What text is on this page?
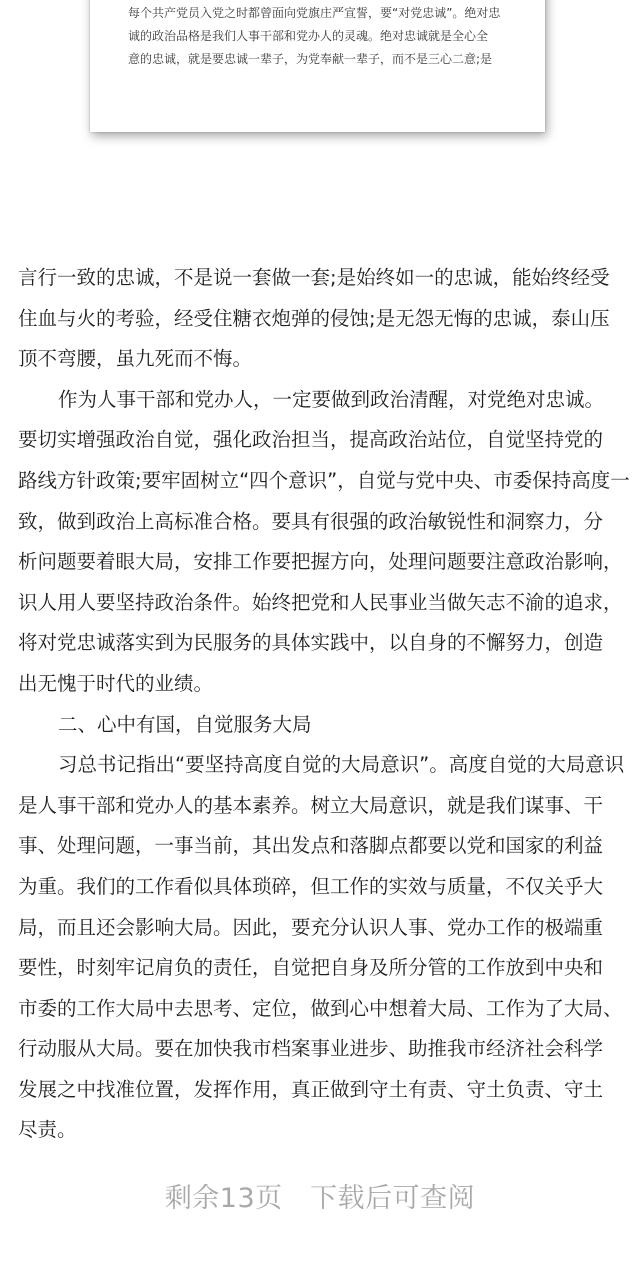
每个共产党员入党之时都曾面向党旗庄严宣誓，要“对党忠诚”。绝对忠
诚的政治品格是我们人事干部和党办人的灵魂。绝对忠诚就是全心全
意的忠诚，就是要忠诚一辈子，为党奉献一辈子，而不是三心二意;是

言行一致的忠诚，不是说一套做一套;是始终如一的忠诚，能始终经受
住血与火的考验，经受住糖衣炮弹的侵蚀;是无怨无悔的忠诚，泰山压
顶不弯腰，虽九死而不悔。
作为人事干部和党办人，一定要做到政治清醒，对党绝对忠诚。
要切实增强政治自觉，强化政治担当，提高政治站位，自觉坚持党的
路线方针政策;要牢固树立“四个意识”，自觉与党中央、市委保持高度一
致，做到政治上高标准合格。要具有很强的政治敏锐性和洞察力，分
析问题要着眼大局，安排工作要把握方向，处理问题要注意政治影响，
识人用人要坚持政治条件。始终把党和人民事业当做矢志不渝的追求，
将对党忠诚落实到为民服务的具体实践中，以自身的不懈努力，创造
出无愧于时代的业绩。
二、心中有国，自觉服务大局
习总书记指出“要坚持高度自觉的大局意识”。高度自觉的大局意识
是人事干部和党办人的基本素养。树立大局意识，就是我们谋事、干
事、处理问题，一事当前，其出发点和落脚点都要以党和国家的利益
为重。我们的工作看似具体琐碎，但工作的实效与质量，不仅关乎大
局，而且还会影响大局。因此，要充分认识人事、党办工作的极端重
要性，时刻牢记肩负的责任，自觉把自身及所分管的工作放到中央和
市委的工作大局中去思考、定位，做到心中想着大局、工作为了大局、
行动服从大局。要在加快我市档案事业进步、助推我市经济社会科学
发展之中找准位置，发挥作用，真正做到守土有责、守土负责、守土
尽责。
剩余13页　下载后可查阅
